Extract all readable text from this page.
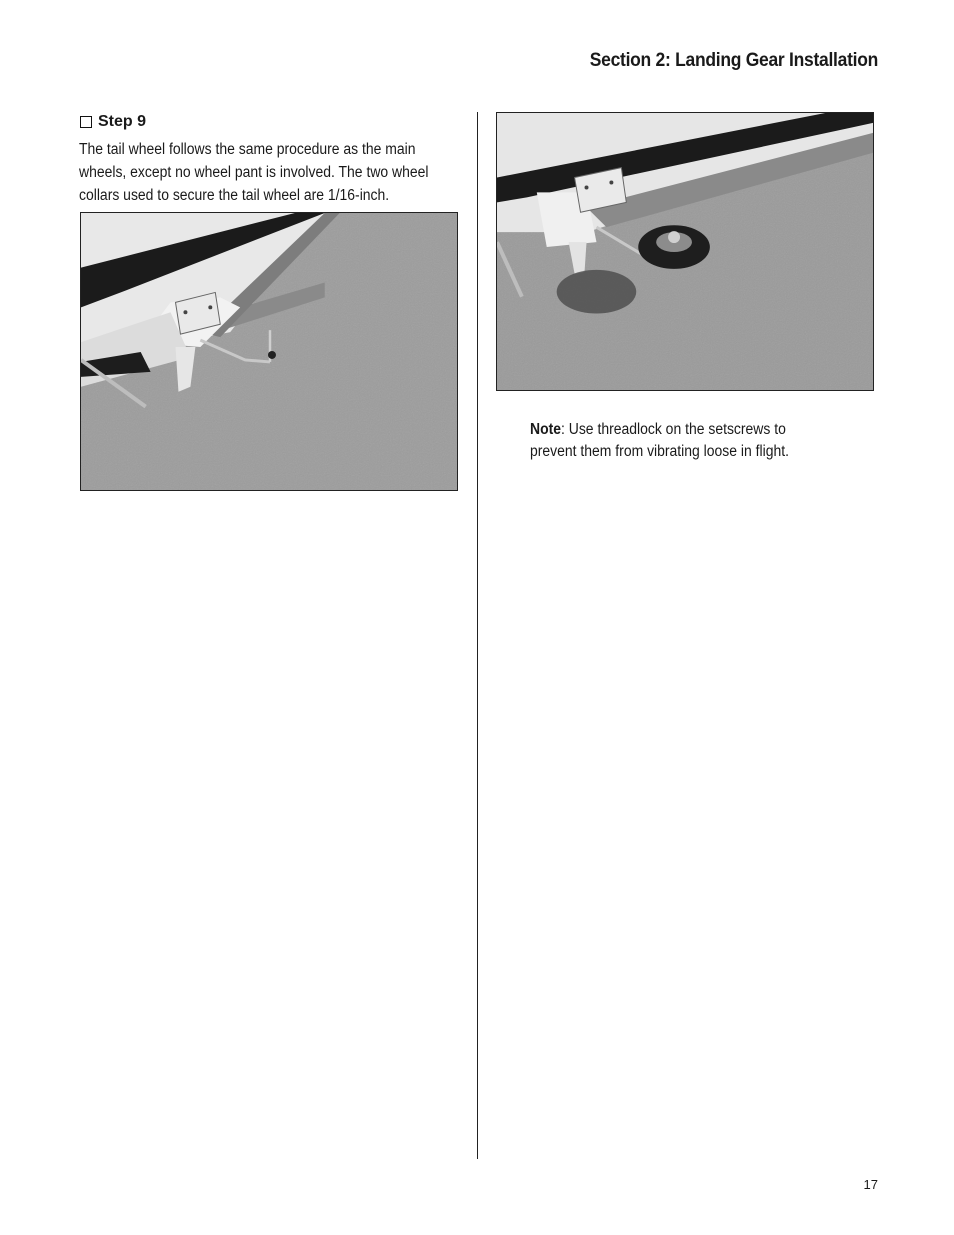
Section 2: Landing Gear Installation
Step 9
The tail wheel follows the same procedure as the main wheels, except no wheel pant is involved. The two wheel collars used to secure the tail wheel are 1/16-inch.
Note: Use threadlock on the setscrews to prevent them from vibrating loose in flight.
17
